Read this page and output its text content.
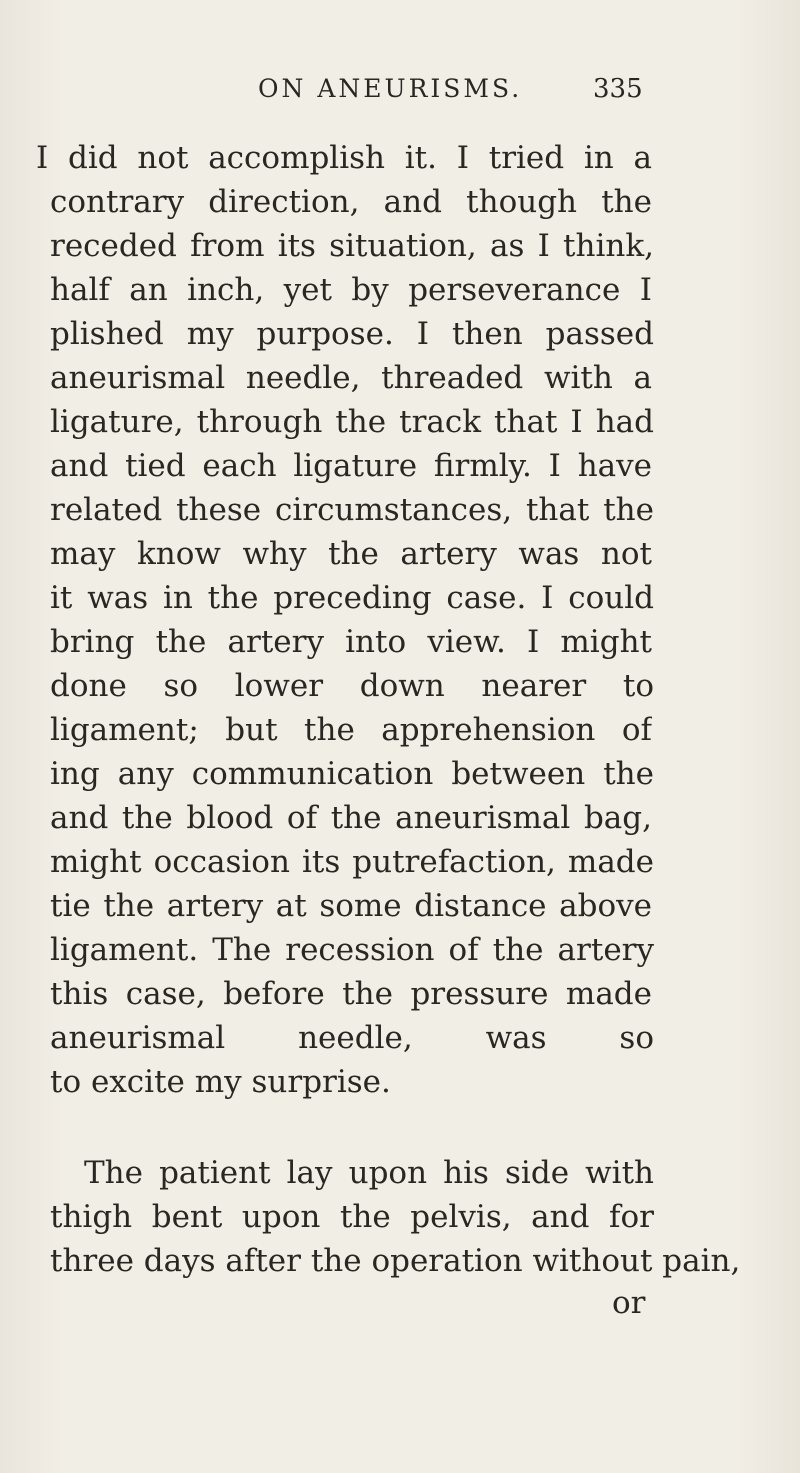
ON ANEURISMS.	335
I did not accomplish it. I tried in a
contrary direction, and though the
receded from its situation, as I think,
half an inch, yet by perseverance I
plished my purpose. I then passed
aneurismal needle, threaded with a
ligature, through the track that I had
and tied each ligature firmly. I have
related these circumstances, that the
may know why the artery was not
it was in the preceding case. I could
bring the artery into view. I might
done so lower down nearer to
ligament; but the apprehension of
ing any communication between the
and the blood of the aneurismal bag,
might occasion its putrefaction, made
tie the artery at some distance above
ligament. The recession of the artery
this case, before the pressure made
aneurismal needle, was so
to excite my surprise.
The patient lay upon his side with
thigh bent upon the pelvis, and for
three days after the operation without pain,
or
